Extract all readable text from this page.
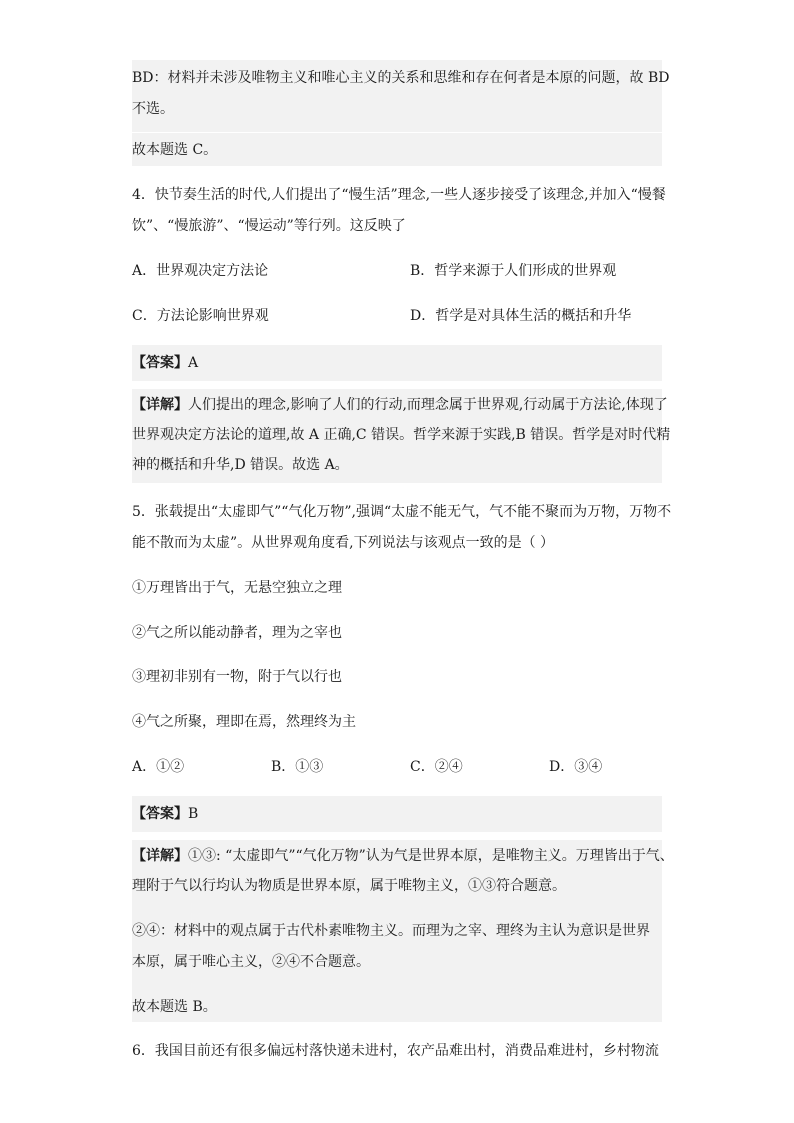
BD：材料并未涉及唯物主义和唯心主义的关系和思维和存在何者是本原的问题，故 BD
不选。
故本题选 C。
4．快节奏生活的时代,人们提出了“慢生活”理念,一些人逐步接受了该理念,并加入“慢餐
饮”、“慢旅游”、“慢运动”等行列。这反映了
A．世界观决定方法论	B．哲学来源于人们形成的世界观
C．方法论影响世界观	D．哲学是对具体生活的概括和升华
【答案】A
【详解】人们提出的理念,影响了人们的行动,而理念属于世界观,行动属于方法论,体现了
世界观决定方法论的道理,故 A 正确,C 错误。哲学来源于实践,B 错误。哲学是对时代精
神的概括和升华,D 错误。故选 A。
5．张载提出“太虚即气”“气化万物”,强调“太虚不能无气，气不能不聚而为万物，万物不
能不散而为太虚”。从世界观角度看,下列说法与该观点一致的是（ ）
①万理皆出于气，无悬空独立之理
②气之所以能动静者，理为之宰也
③理初非别有一物，附于气以行也
④气之所聚，理即在焉，然理终为主
A．①②	B．①③	C．②④	D．③④
【答案】B
【详解】①③: “太虚即气”“气化万物”认为气是世界本原，是唯物主义。万理皆出于气、
理附于气以行均认为物质是世界本原，属于唯物主义，①③符合题意。
②④：材料中的观点属于古代朴素唯物主义。而理为之宰、理终为主认为意识是世界
本原，属于唯心主义，②④不合题意。
故本题选 B。
6．我国目前还有很多偏远村落快递未进村，农产品难出村，消费品难进村，乡村物流
